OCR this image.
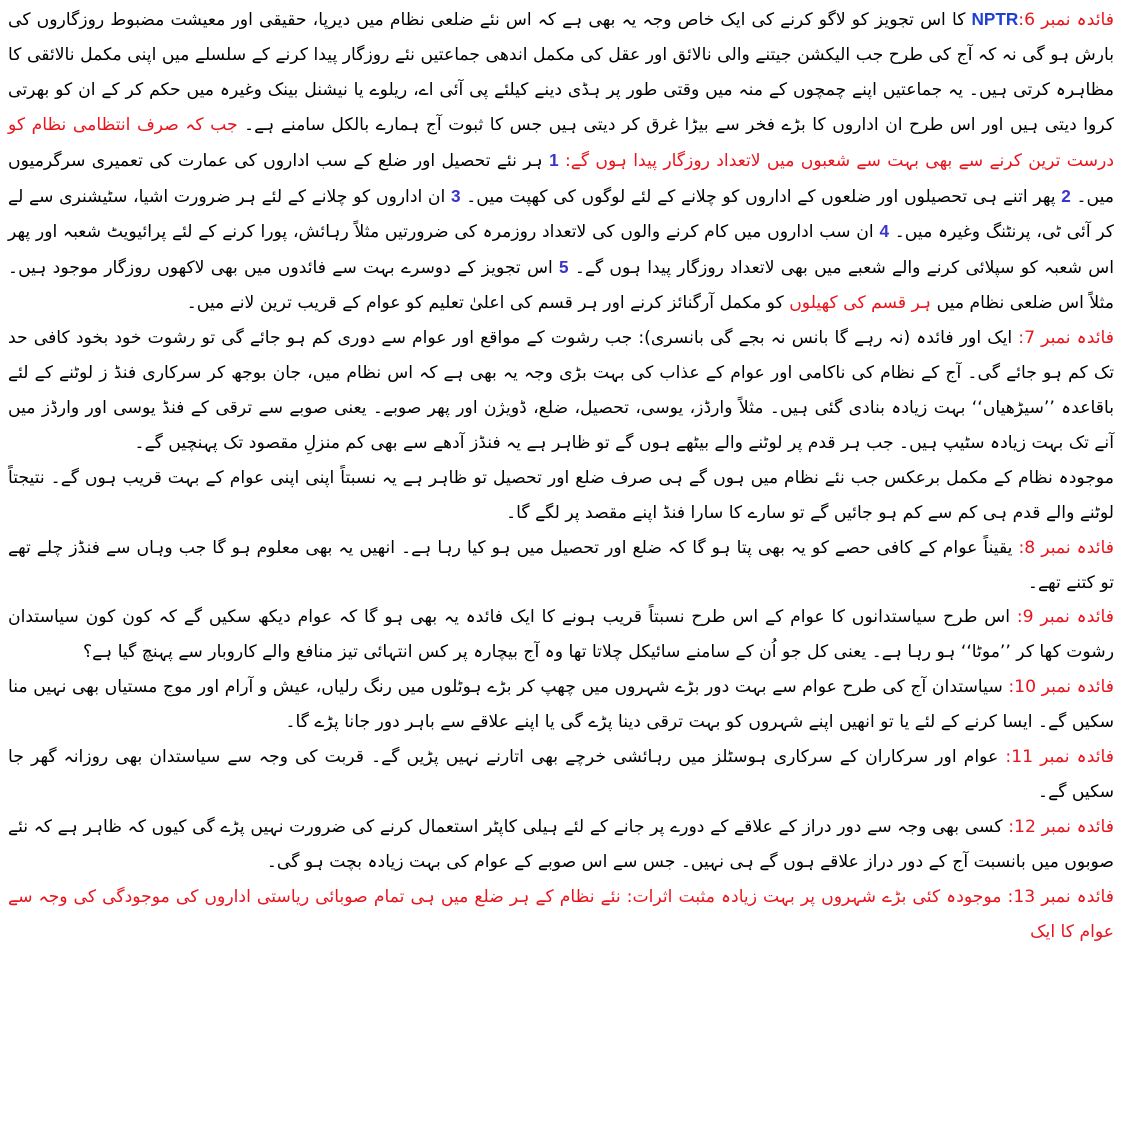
فائدہ نمبر 6:NPTR کا اس تجویز کو لاگو کرنے کی ایک خاص وجہ یہ بھی ہے کہ اس نئے ضلعی نظام میں دیرپا، حقیقی اور معیشت مضبوط روزگاروں کی بارش ہو گی نہ کہ آج کی طرح جب الیکشن جیتنے والی نالائق اور عقل کی مکمل اندھی جماعتیں نئے روزگار پیدا کرنے کے سلسلے میں اپنی مکمل نالائقی کا مظاہرہ کرتی ہیں۔ یہ جماعتیں اپنے چمچوں کے منہ میں وقتی طور پر ہڈی دینے کیلئے پی آئی اے، ریلوے یا نیشنل بینک وغیرہ میں حکم کر کے ان کو بھرتی کروا دیتی ہیں اور اس طرح ان اداروں کا بڑے فخر سے بیڑا غرق کر دیتی ہیں جس کا ثبوت آج ہمارے بالکل سامنے ہے۔ جب کہ صرف انتظامی نظام کو درست ترین کرنے سے بھی بہت سے شعبوں میں لاتعداد روزگار پیدا ہوں گے: 1 ہر نئے تحصیل اور ضلع کے سب اداروں کی عمارت کی تعمیری سرگرمیوں میں۔ 2 پھر اتنے ہی تحصیلوں اور ضلعوں کے اداروں کو چلانے کے لئے لوگوں کی کھپت میں۔ 3 ان اداروں کو چلانے کے لئے ہر ضرورت اشیا، سٹیشنری سے لے کر آئی ٹی، پرنٹنگ وغیرہ میں۔ 4 ان سب اداروں میں کام کرنے والوں کی لاتعداد روزمرہ کی ضرورتیں مثلاً رہائش، پورا کرنے کے لئے پرائیویٹ شعبہ اور پھر اس شعبہ کو سپلائی کرنے والے شعبے میں بھی لاتعداد روزگار پیدا ہوں گے۔ 5 اس تجویز کے دوسرے بہت سے فائدوں میں بھی لاکھوں روزگار موجود ہیں۔ مثلاً اس ضلعی نظام میں ہر قسم کی کھیلوں کو مکمل آرگنائز کرنے اور ہر قسم کی اعلیٰ تعلیم کو عوام کے قریب ترین لانے میں۔

فائدہ نمبر 7: ایک اور فائدہ (نہ رہے گا بانس نہ بجے گی بانسری): جب رشوت کے مواقع اور عوام سے دوری کم ہو جائے گی تو رشوت خود بخود کافی حد تک کم ہو جائے گی۔ آج کے نظام کی ناکامی اور عوام کے عذاب کی بہت بڑی وجہ یہ بھی ہے کہ اس نظام میں، جان بوجھ کر سرکاری فنڈ ز لوٹنے کے لئے باقاعدہ ’’سیڑھیاں‘‘ بہت زیادہ بنادی گئی ہیں۔ مثلاً وارڈز، یوسی، تحصیل، ضلع، ڈویژن اور پھر صوبے۔ یعنی صوبے سے ترقی کے فنڈ یوسی اور وارڈز میں آنے تک بہت زیادہ سٹیپ ہیں۔ جب ہر قدم پر لوٹنے والے بیٹھے ہوں گے تو ظاہر ہے یہ فنڈز آدھے سے بھی کم منزلِ مقصود تک پہنچیں گے۔

موجودہ نظام کے مکمل برعکس جب نئے نظام میں ہوں گے ہی صرف ضلع اور تحصیل تو ظاہر ہے یہ نسبتاً اپنی اپنی عوام کے بہت قریب ہوں گے۔ نتیجتاً لوٹنے والے قدم ہی کم سے کم ہو جائیں گے تو سارے کا سارا فنڈ اپنے مقصد پر لگے گا۔

فائدہ نمبر 8: یقیناً عوام کے کافی حصے کو یہ بھی پتا ہو گا کہ ضلع اور تحصیل میں ہو کیا رہا ہے۔ انھیں یہ بھی معلوم ہو گا جب وہاں سے فنڈز چلے تھے تو کتنے تھے۔

فائدہ نمبر 9: اس طرح سیاستدانوں کا عوام کے اس طرح نسبتاً قریب ہونے کا ایک فائدہ یہ بھی ہو گا کہ عوام دیکھ سکیں گے کہ کون کون سیاستدان رشوت کھا کر ’’موٹا‘‘ ہو رہا ہے۔ یعنی کل جو اُن کے سامنے سائیکل چلاتا تھا وہ آج بیچارہ پر کس انتہائی تیز منافع والے کاروبار سے پہنچ گیا ہے؟

فائدہ نمبر 10: سیاستدان آج کی طرح عوام سے بہت دور بڑے شہروں میں چھپ کر بڑے ہوٹلوں میں رنگ رلیاں، عیش و آرام اور موج مستیاں بھی نہیں منا سکیں گے۔ ایسا کرنے کے لئے یا تو انھیں اپنے شہروں کو بہت ترقی دینا پڑے گی یا اپنے علاقے سے باہر دور جانا پڑے گا۔

فائدہ نمبر 11: عوام اور سرکاران کے سرکاری ہوسٹلز میں رہائشی خرچے بھی اتارنے نہیں پڑیں گے۔ قربت کی وجہ سے سیاستدان بھی روزانہ گھر جا سکیں گے۔

فائدہ نمبر 12: کسی بھی وجہ سے دور دراز کے علاقے کے دورے پر جانے کے لئے ہیلی کاپٹر استعمال کرنے کی ضرورت نہیں پڑے گی کیوں کہ ظاہر ہے کہ نئے صوبوں میں بانسبت آج کے دور دراز علاقے ہوں گے ہی نہیں۔ جس سے اس صوبے کے عوام کی بہت زیادہ بچت ہو گی۔

فائدہ نمبر 13: موجودہ کئی بڑے شہروں پر بہت زیادہ مثبت اثرات: نئے نظام کے ہر ضلع میں ہی تمام صوبائی ریاستی اداروں کی موجودگی کی وجہ سے عوام کا ایک
